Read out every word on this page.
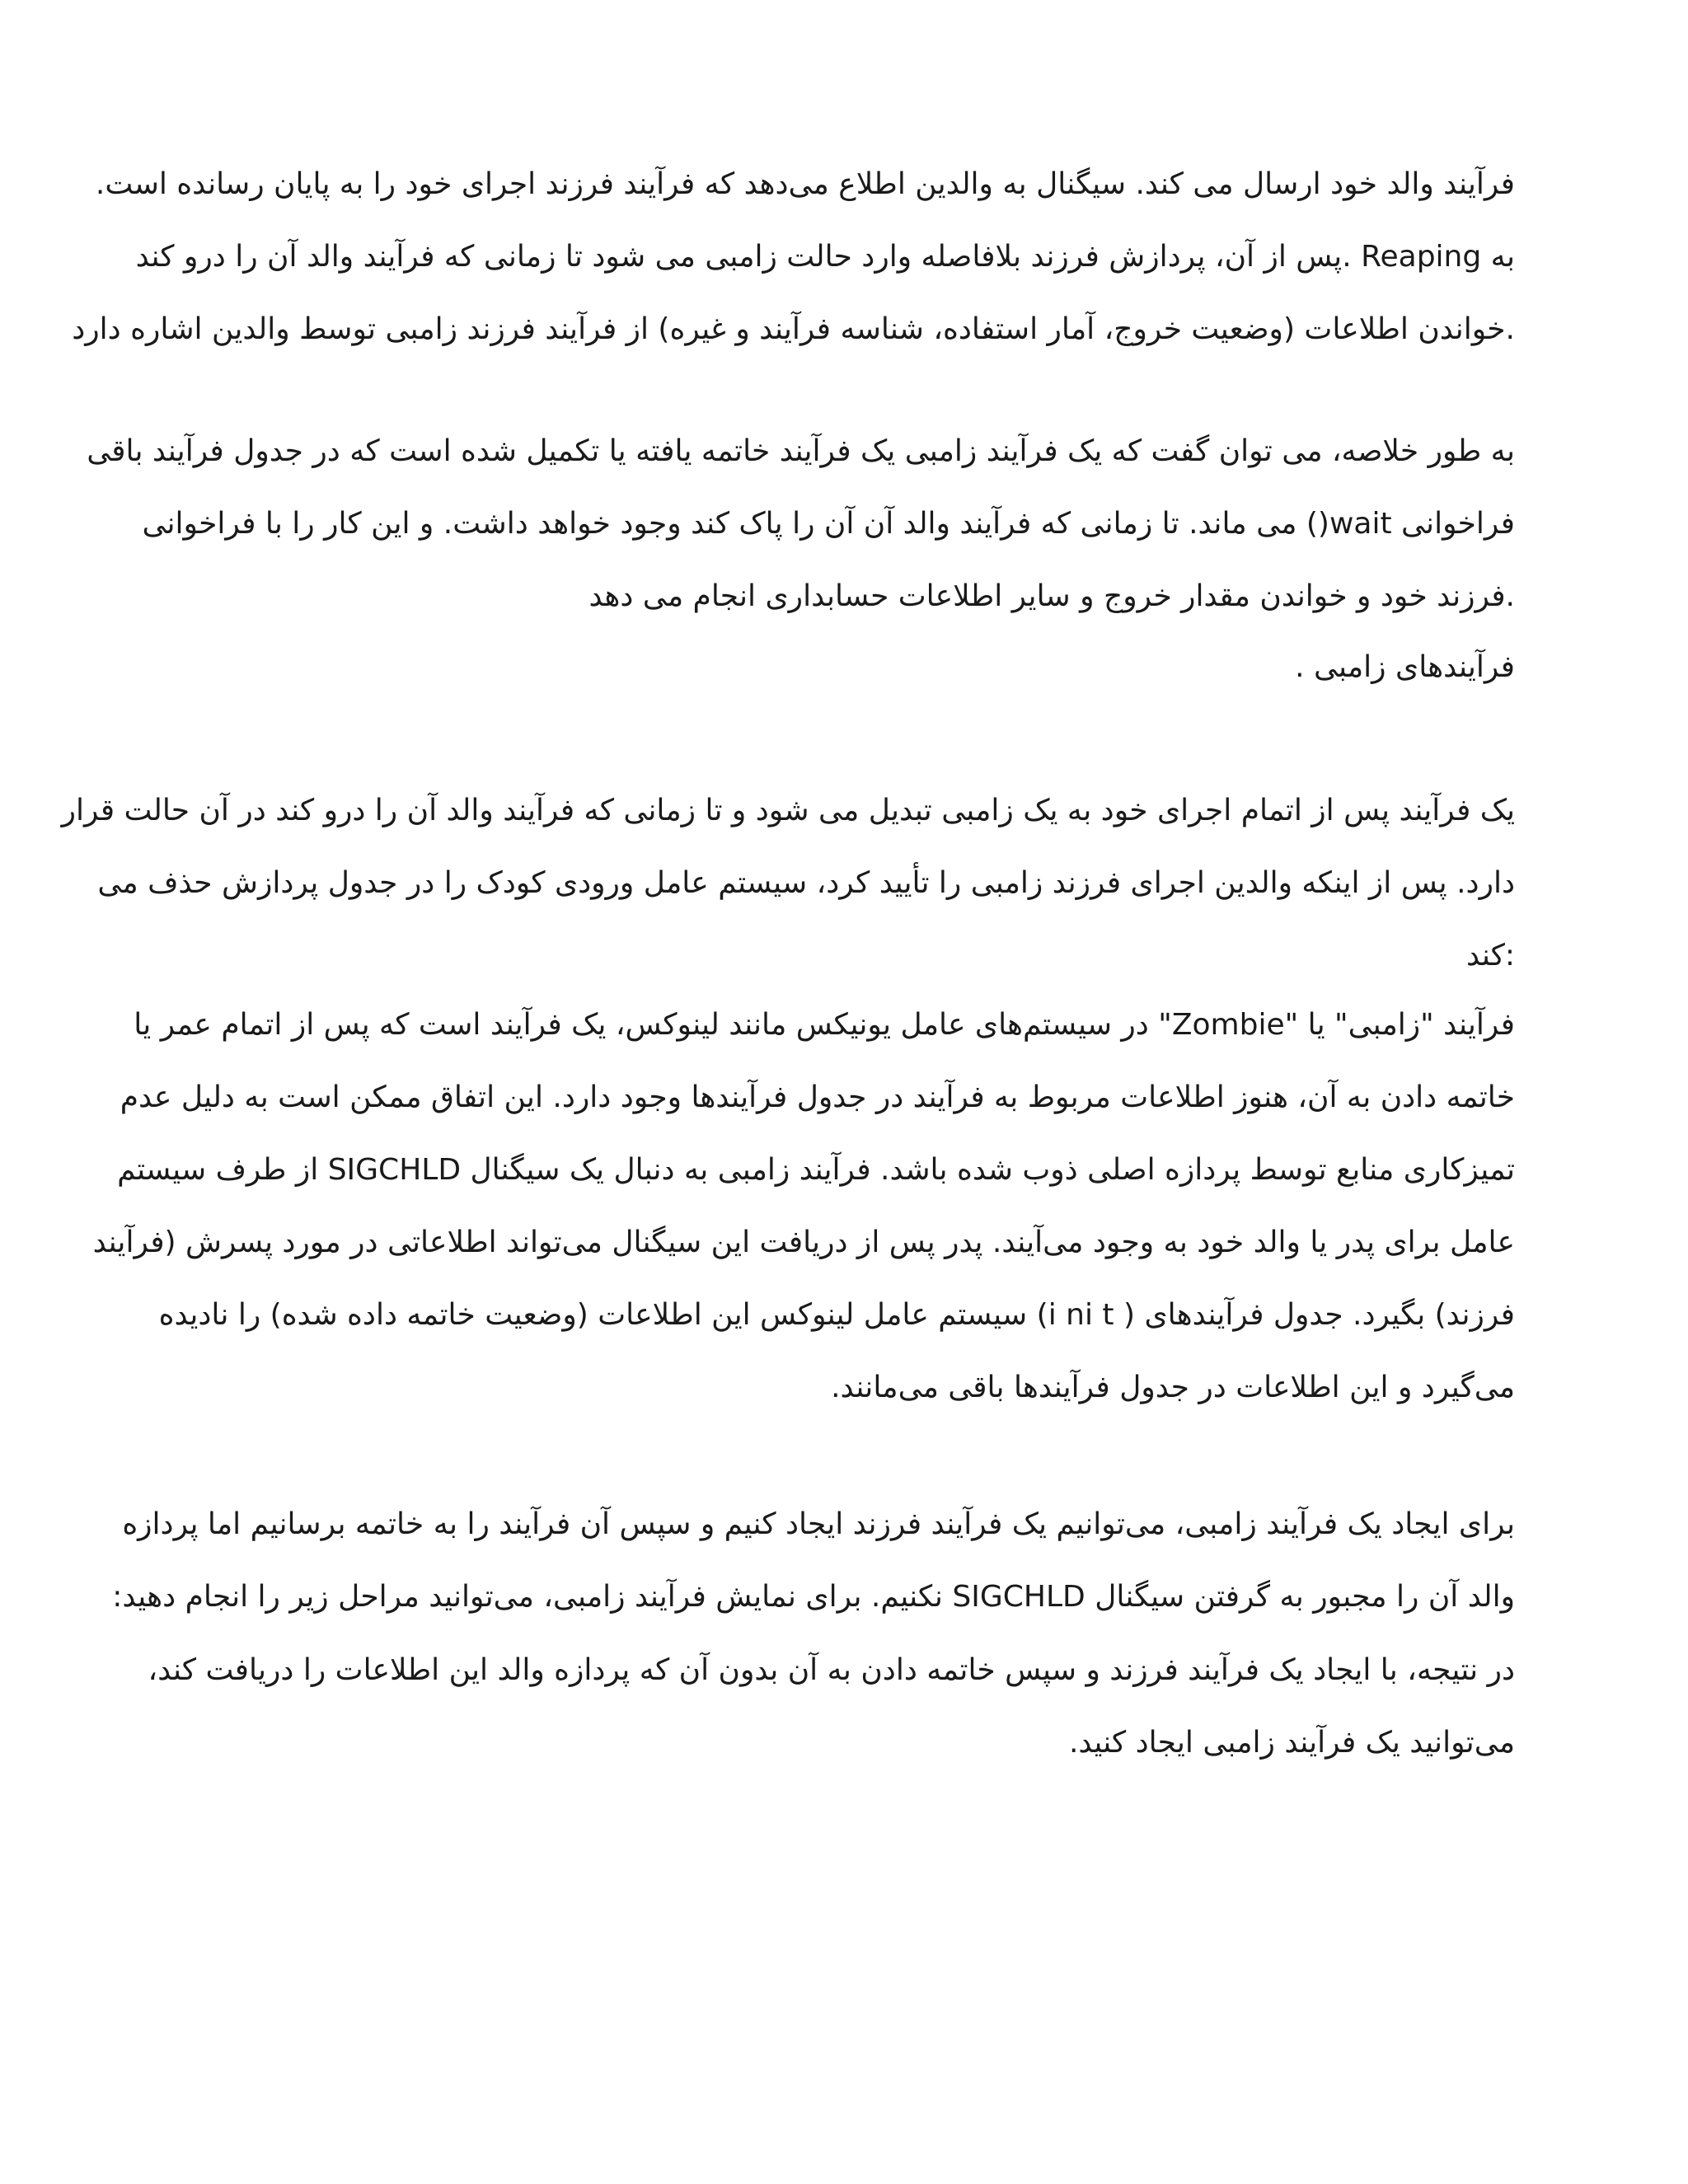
فرآیند والد خود ارسال می کند. سیگنال به والدین اطلاع می‌دهد که فرآیند فرزند اجرای خود را به پایان رسانده است.
به Reaping .پس از آن، پردازش فرزند بلافاصله وارد حالت زامبی می شود تا زمانی که فرآیند والد آن را درو کند
.خواندن اطلاعات (وضعیت خروج، آمار استفاده، شناسه فرآیند و غیره) از فرآیند فرزند زامبی توسط والدین اشاره دارد
به طور خلاصه، می توان گفت که یک فرآیند زامبی یک فرآیند خاتمه یافته یا تکمیل شده است که در جدول فرآیند باقی
فراخوانی wait() می ماند. تا زمانی که فرآیند والد آن آن را پاک کند وجود خواهد داشت. و این کار را با فراخوانی
.فرزند خود و خواندن مقدار خروج و سایر اطلاعات حسابداری انجام می دهد
فرآیندهای زامبی .
یک فرآیند پس از اتمام اجرای خود به یک زامبی تبدیل می شود و تا زمانی که فرآیند والد آن را درو کند در آن حالت قرار
دارد. پس از اینکه والدین اجرای فرزند زامبی را تأیید کرد، سیستم عامل ورودی کودک را در جدول پردازش حذف می
:کند
فرآیند "زامبی" یا "Zombie" در سیستم‌های عامل یونیکس مانند لینوکس، یک فرآیند است که پس از اتمام عمر یا
خاتمه دادن به آن، هنوز اطلاعات مربوط به فرآیند در جدول فرآیندها وجود دارد. این اتفاق ممکن است به دلیل عدم
تمیزکاری منابع توسط پردازه اصلی ذوب شده باشد. فرآیند زامبی به دنبال یک سیگنال SIGCHLD از طرف سیستم
عامل برای پدر یا والد خود به وجود می‌آیند. پدر پس از دریافت این سیگنال می‌تواند اطلاعاتی در مورد پسرش (فرآیند
فرزند) بگیرد. جدول فرآیندهای ( i ni t) سیستم عامل لینوکس این اطلاعات (وضعیت خاتمه داده شده) را نادیده
می‌گیرد و این اطلاعات در جدول فرآیندها باقی می‌مانند.
برای ایجاد یک فرآیند زامبی، می‌توانیم یک فرآیند فرزند ایجاد کنیم و سپس آن فرآیند را به خاتمه برسانیم اما پردازه
والد آن را مجبور به گرفتن سیگنال SIGCHLD نکنیم. برای نمایش فرآیند زامبی، می‌توانید مراحل زیر را انجام دهید:
در نتیجه، با ایجاد یک فرآیند فرزند و سپس خاتمه دادن به آن بدون آن که پردازه والد این اطلاعات را دریافت کند،
می‌توانید یک فرآیند زامبی ایجاد کنید.
